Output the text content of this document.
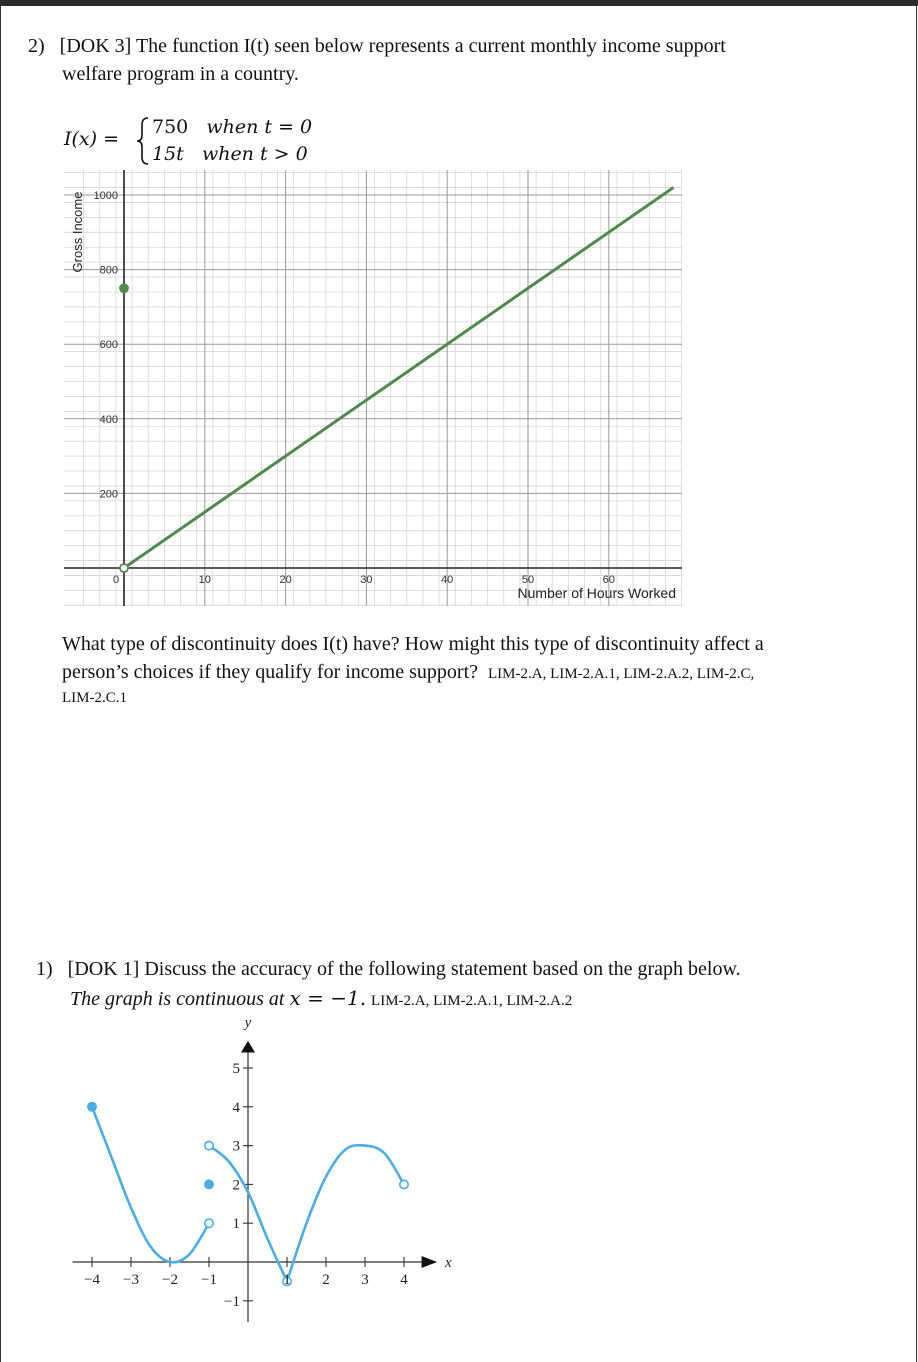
2) [DOK 3] The function I(t) seen below represents a current monthly income support
welfare program in a country.
I(x) =
750 when t = 0
15t when t > 0
0	10	20	30	40	50	60
200
400
600
800
1000
Number of Hours Worked
Gross Income
What type of discontinuity does I(t) have? How might this type of discontinuity affect a
person’s choices if they qualify for income support? LIM-2.A, LIM-2.A.1, LIM-2.A.2, LIM-2.C,
LIM-2.C.1
1) [DOK 1] Discuss the accuracy of the following statement based on the graph below.
The graph is continuous at x = −1. LIM-2.A, LIM-2.A.1, LIM-2.A.2
−4 −3 −2 −1	1 2 3 4
−1
1
2
3
4
5
x
y
